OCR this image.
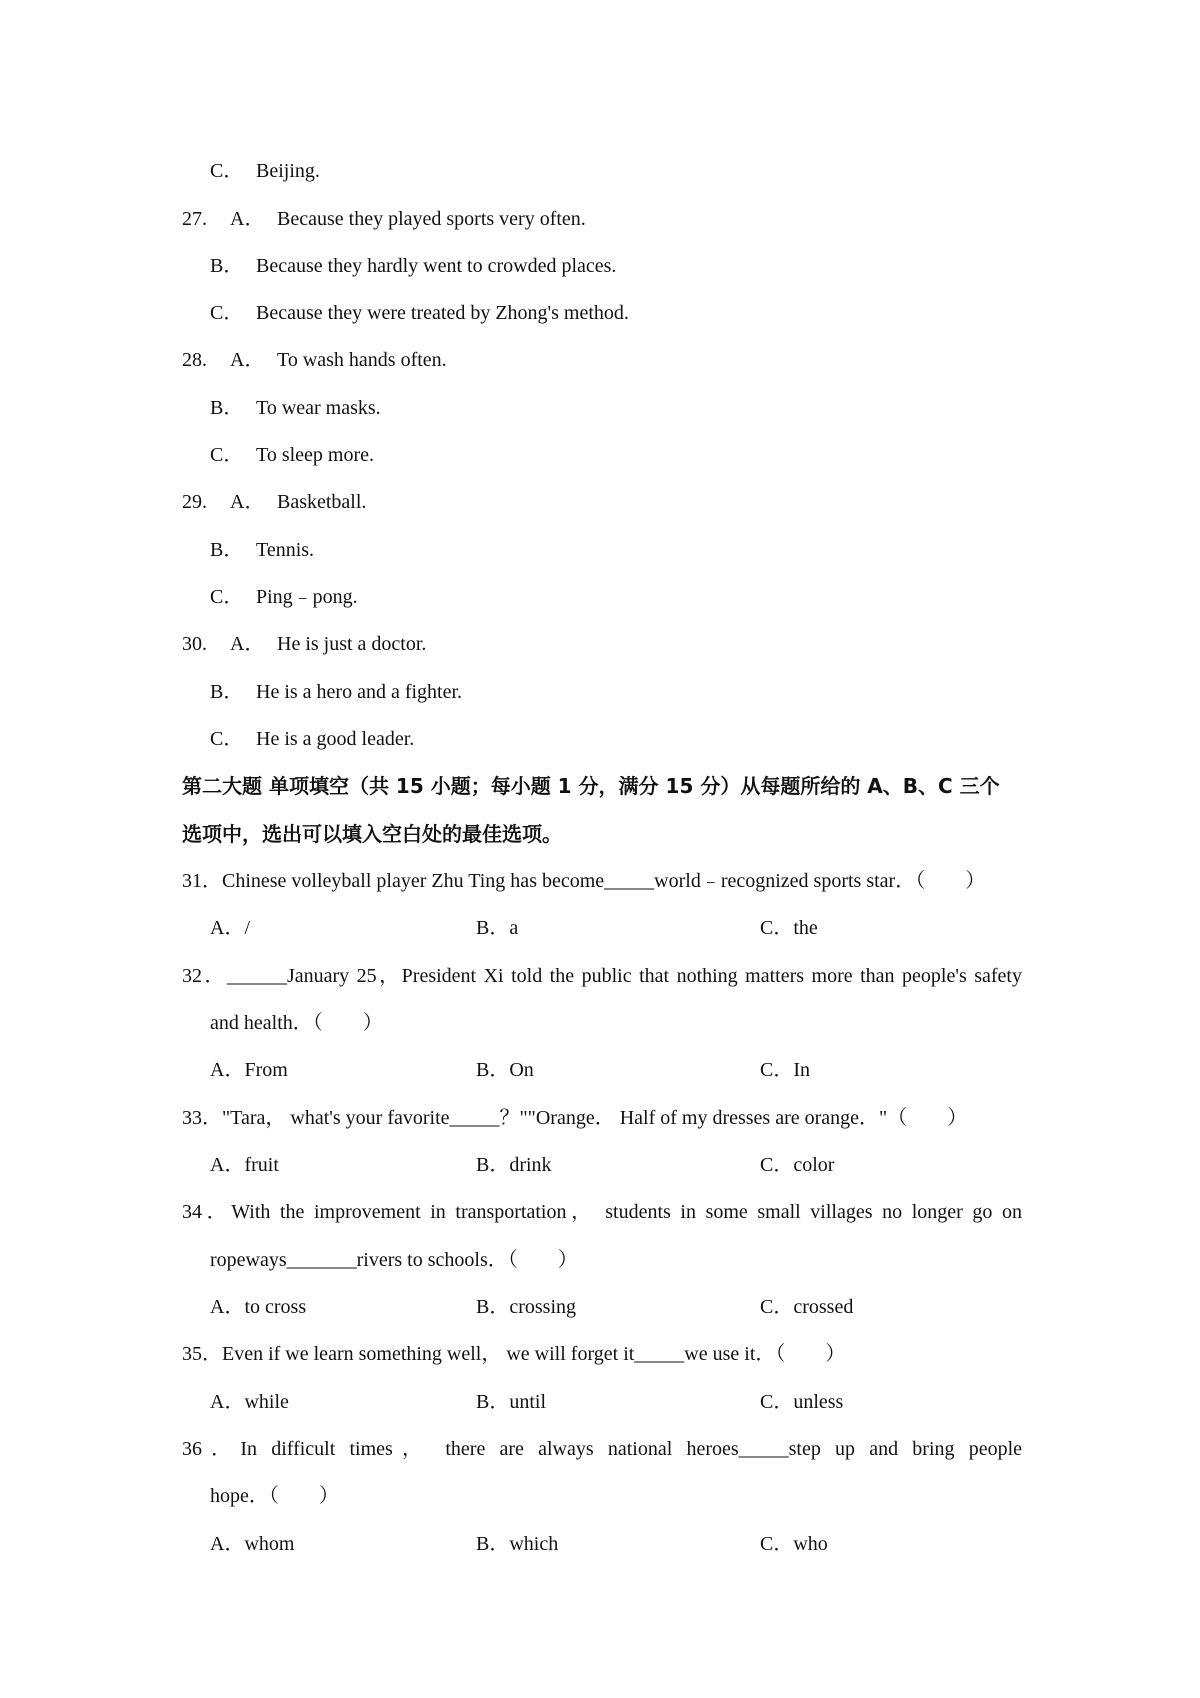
C． Beijing.
27. A． Because they played sports very often.
B． Because they hardly went to crowded places.
C． Because they were treated by Zhong's method.
28. A． To wash hands often.
B． To wear masks.
C． To sleep more.
29. A． Basketball.
B． Tennis.
C． Ping﹣pong.
30. A． He is just a doctor.
B． He is a hero and a fighter.
C． He is a good leader.
第二大题 单项填空（共 15 小题；每小题 1 分，满分 15 分）从每题所给的 A、B、C 三个
选项中，选出可以填入空白处的最佳选项。
31．Chinese volleyball player Zhu Ting has become_____world﹣recognized sports star．（　　）
A．/	B．a	C．the
32．______January 25，President Xi told the public that nothing matters more than people's safety
and health．（　　）
A．From	B．On	C．In
33．"Tara， what's your favorite_____？""Orange． Half of my dresses are orange．"（　　）
A．fruit	B．drink	C．color
34．With the improvement in transportation， students in some small villages no longer go on
ropeways_______rivers to schools．（　　）
A．to cross	B．crossing	C．crossed
35．Even if we learn something well， we will forget it_____we use it．（　　）
A．while	B．until	C．unless
36．In difficult times， there are always national heroes_____step up and bring people
hope．（　　）
A．whom	B．which	C．who
